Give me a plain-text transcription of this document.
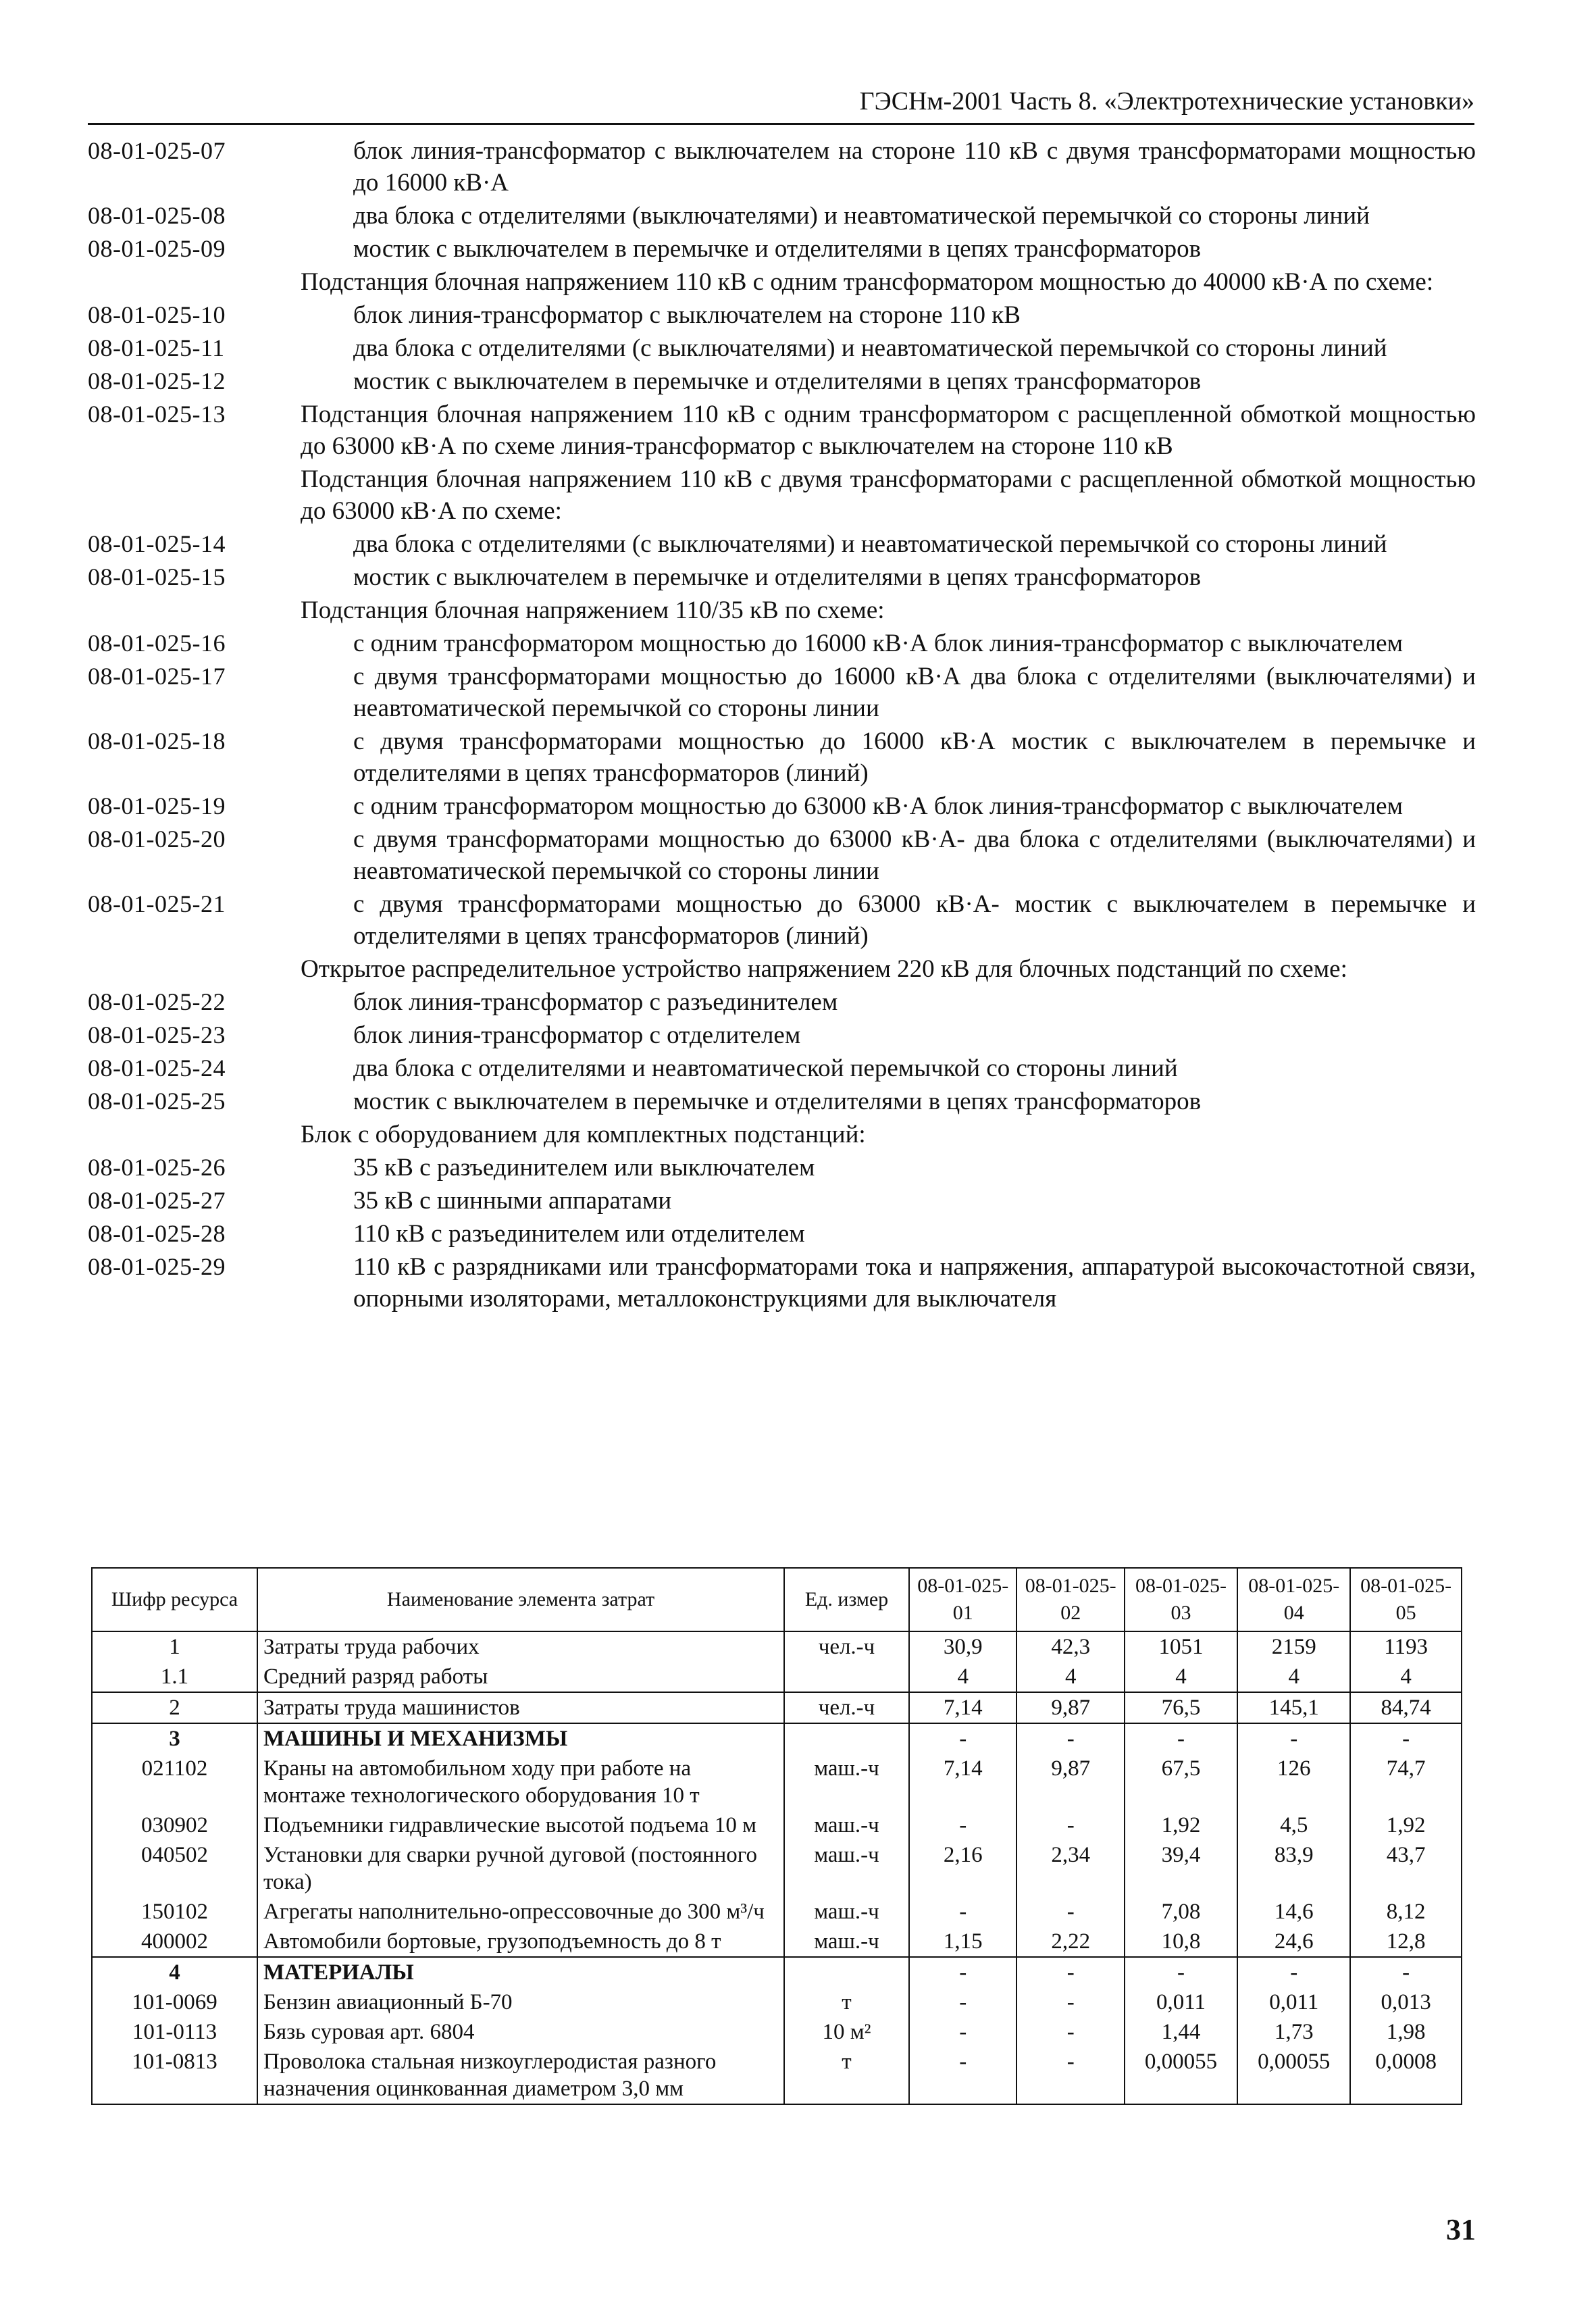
ГЭСНм-2001 Часть 8. «Электротехнические установки»
08-01-025-07	блок линия-трансформатор с выключателем на стороне 110 кВ с двумя трансформаторами мощностью до 16000 кВ·А
08-01-025-08	два блока с отделителями (выключателями) и неавтоматической перемычкой со стороны линий
08-01-025-09	мостик с выключателем в перемычке и отделителями в цепях трансформаторов
Подстанция блочная напряжением 110 кВ с одним трансформатором мощностью до 40000 кВ·А по схеме:
08-01-025-10	блок линия-трансформатор с выключателем на стороне 110 кВ
08-01-025-11	два блока с отделителями (с выключателями) и неавтоматической перемычкой со стороны линий
08-01-025-12	мостик с выключателем в перемычке и отделителями в цепях трансформаторов
08-01-025-13	Подстанция блочная напряжением 110 кВ с одним трансформатором с расщепленной обмоткой мощностью до 63000 кВ·А по схеме линия-трансформатор с выключателем на стороне 110 кВ
Подстанция блочная напряжением 110 кВ с двумя трансформаторами с расщепленной обмоткой мощностью до 63000 кВ·А по схеме:
08-01-025-14	два блока с отделителями (с выключателями) и неавтоматической перемычкой со стороны линий
08-01-025-15	мостик с выключателем в перемычке и отделителями в цепях трансформаторов
Подстанция блочная напряжением 110/35 кВ по схеме:
08-01-025-16	с одним трансформатором мощностью до 16000 кВ·А блок линия-трансформатор с выключателем
08-01-025-17	с двумя трансформаторами мощностью до 16000 кВ·А два блока с отделителями (выключателями) и неавтоматической перемычкой со стороны линии
08-01-025-18	с двумя трансформаторами мощностью до 16000 кВ·А мостик с выключателем в перемычке и отделителями в цепях трансформаторов (линий)
08-01-025-19	с одним трансформатором мощностью до 63000 кВ·А блок линия-трансформатор с выключателем
08-01-025-20	с двумя трансформаторами мощностью до 63000 кВ·А- два блока с отделителями (выключателями) и неавтоматической перемычкой со стороны линии
08-01-025-21	с двумя трансформаторами мощностью до 63000 кВ·А- мостик с выключателем в перемычке и отделителями в цепях трансформаторов (линий)
Открытое распределительное устройство напряжением 220 кВ для блочных подстанций по схеме:
08-01-025-22	блок линия-трансформатор с разъединителем
08-01-025-23	блок линия-трансформатор с отделителем
08-01-025-24	два блока с отделителями и неавтоматической перемычкой со стороны линий
08-01-025-25	мостик с выключателем в перемычке и отделителями в цепях трансформаторов
Блок с оборудованием для комплектных подстанций:
08-01-025-26	35 кВ с разъединителем или выключателем
08-01-025-27	35 кВ с шинными аппаратами
08-01-025-28	110 кВ с разъединителем или отделителем
08-01-025-29	110 кВ с разрядниками или трансформаторами тока и напряжения, аппаратурой высокочастотной связи, опорными изоляторами, металлоконструкциями для выключателя
Шифр ресурса	Наименование элемента затрат	Ед. измер	08-01-025-01	08-01-025-02	08-01-025-03	08-01-025-04	08-01-025-05
1	Затраты труда рабочих	чел.-ч	30,9	42,3	1051	2159	1193
1.1	Средний разряд работы		4	4	4	4	4
2	Затраты труда машинистов	чел.-ч	7,14	9,87	76,5	145,1	84,74
3	МАШИНЫ И МЕХАНИЗМЫ		-	-	-	-	-
021102	Краны на автомобильном ходу при работе на монтаже технологического оборудования 10 т	маш.-ч	7,14	9,87	67,5	126	74,7
030902	Подъемники гидравлические высотой подъема 10 м	маш.-ч	-	-	1,92	4,5	1,92
040502	Установки для сварки ручной дуговой (постоянного тока)	маш.-ч	2,16	2,34	39,4	83,9	43,7
150102	Агрегаты наполнительно-опрессовочные до 300 м³/ч	маш.-ч	-	-	7,08	14,6	8,12
400002	Автомобили бортовые, грузоподъемность до 8 т	маш.-ч	1,15	2,22	10,8	24,6	12,8
4	МАТЕРИАЛЫ		-	-	-	-	-
101-0069	Бензин авиационный Б-70	т	-	-	0,011	0,011	0,013
101-0113	Бязь суровая арт. 6804	10 м²	-	-	1,44	1,73	1,98
101-0813	Проволока стальная низкоуглеродистая разного назначения оцинкованная диаметром 3,0 мм	т	-	-	0,00055	0,00055	0,0008
31
